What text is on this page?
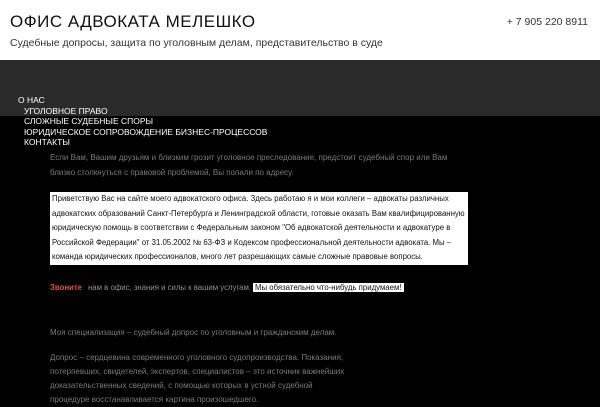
ОФИС АДВОКАТА МЕЛЕШКО
Судебные допросы, защита по уголовным делам, представительство в суде
+ 7 905 220 8911
О НАС
УГОЛОВНОЕ ПРАВО
СЛОЖНЫЕ СУДЕБНЫЕ СПОРЫ
ЮРИДИЧЕСКОЕ СОПРОВОЖДЕНИЕ БИЗНЕС-ПРОЦЕССОВ
КОНТАКТЫ

Если Вам, Вашим друзьям и близким грозит уголовное преследование, предстоит судебный спор или Вам близко столкнуться с правовой проблемой, Вы попали по адресу.

Приветствую Вас на сайте моего адвокатского офиса. Здесь работаю я и мои коллеги – адвокаты различных адвокатских образований Санкт-Петербурга и Ленинградской области, готовые оказать Вам квалифицированную юридическую помощь в соответствии с Федеральным законом "Об адвокатской деятельности и адвокатуре в Российской Федерации" от 31.05.2002 № 63-ФЗ и Кодексом профессиональной деятельности адвоката. Мы – команда юридических профессионалов, много лет разрешающих самые сложные правовые вопросы.
Звоните нам в офис, знания и силы к вашим услугам. Мы обязательно что-нибудь придумаем!

Моя специализация – судебный допрос по уголовным и гражданским делам.

Допрос – сердцевина современного уголовного судопроизводства. Показания, потерпевших, свидетелей, экспертов, специалистов – это источник важнейших доказательственных сведений, с помощью которых в устной судебной процедуре восстанавливается картина произошедшего.
